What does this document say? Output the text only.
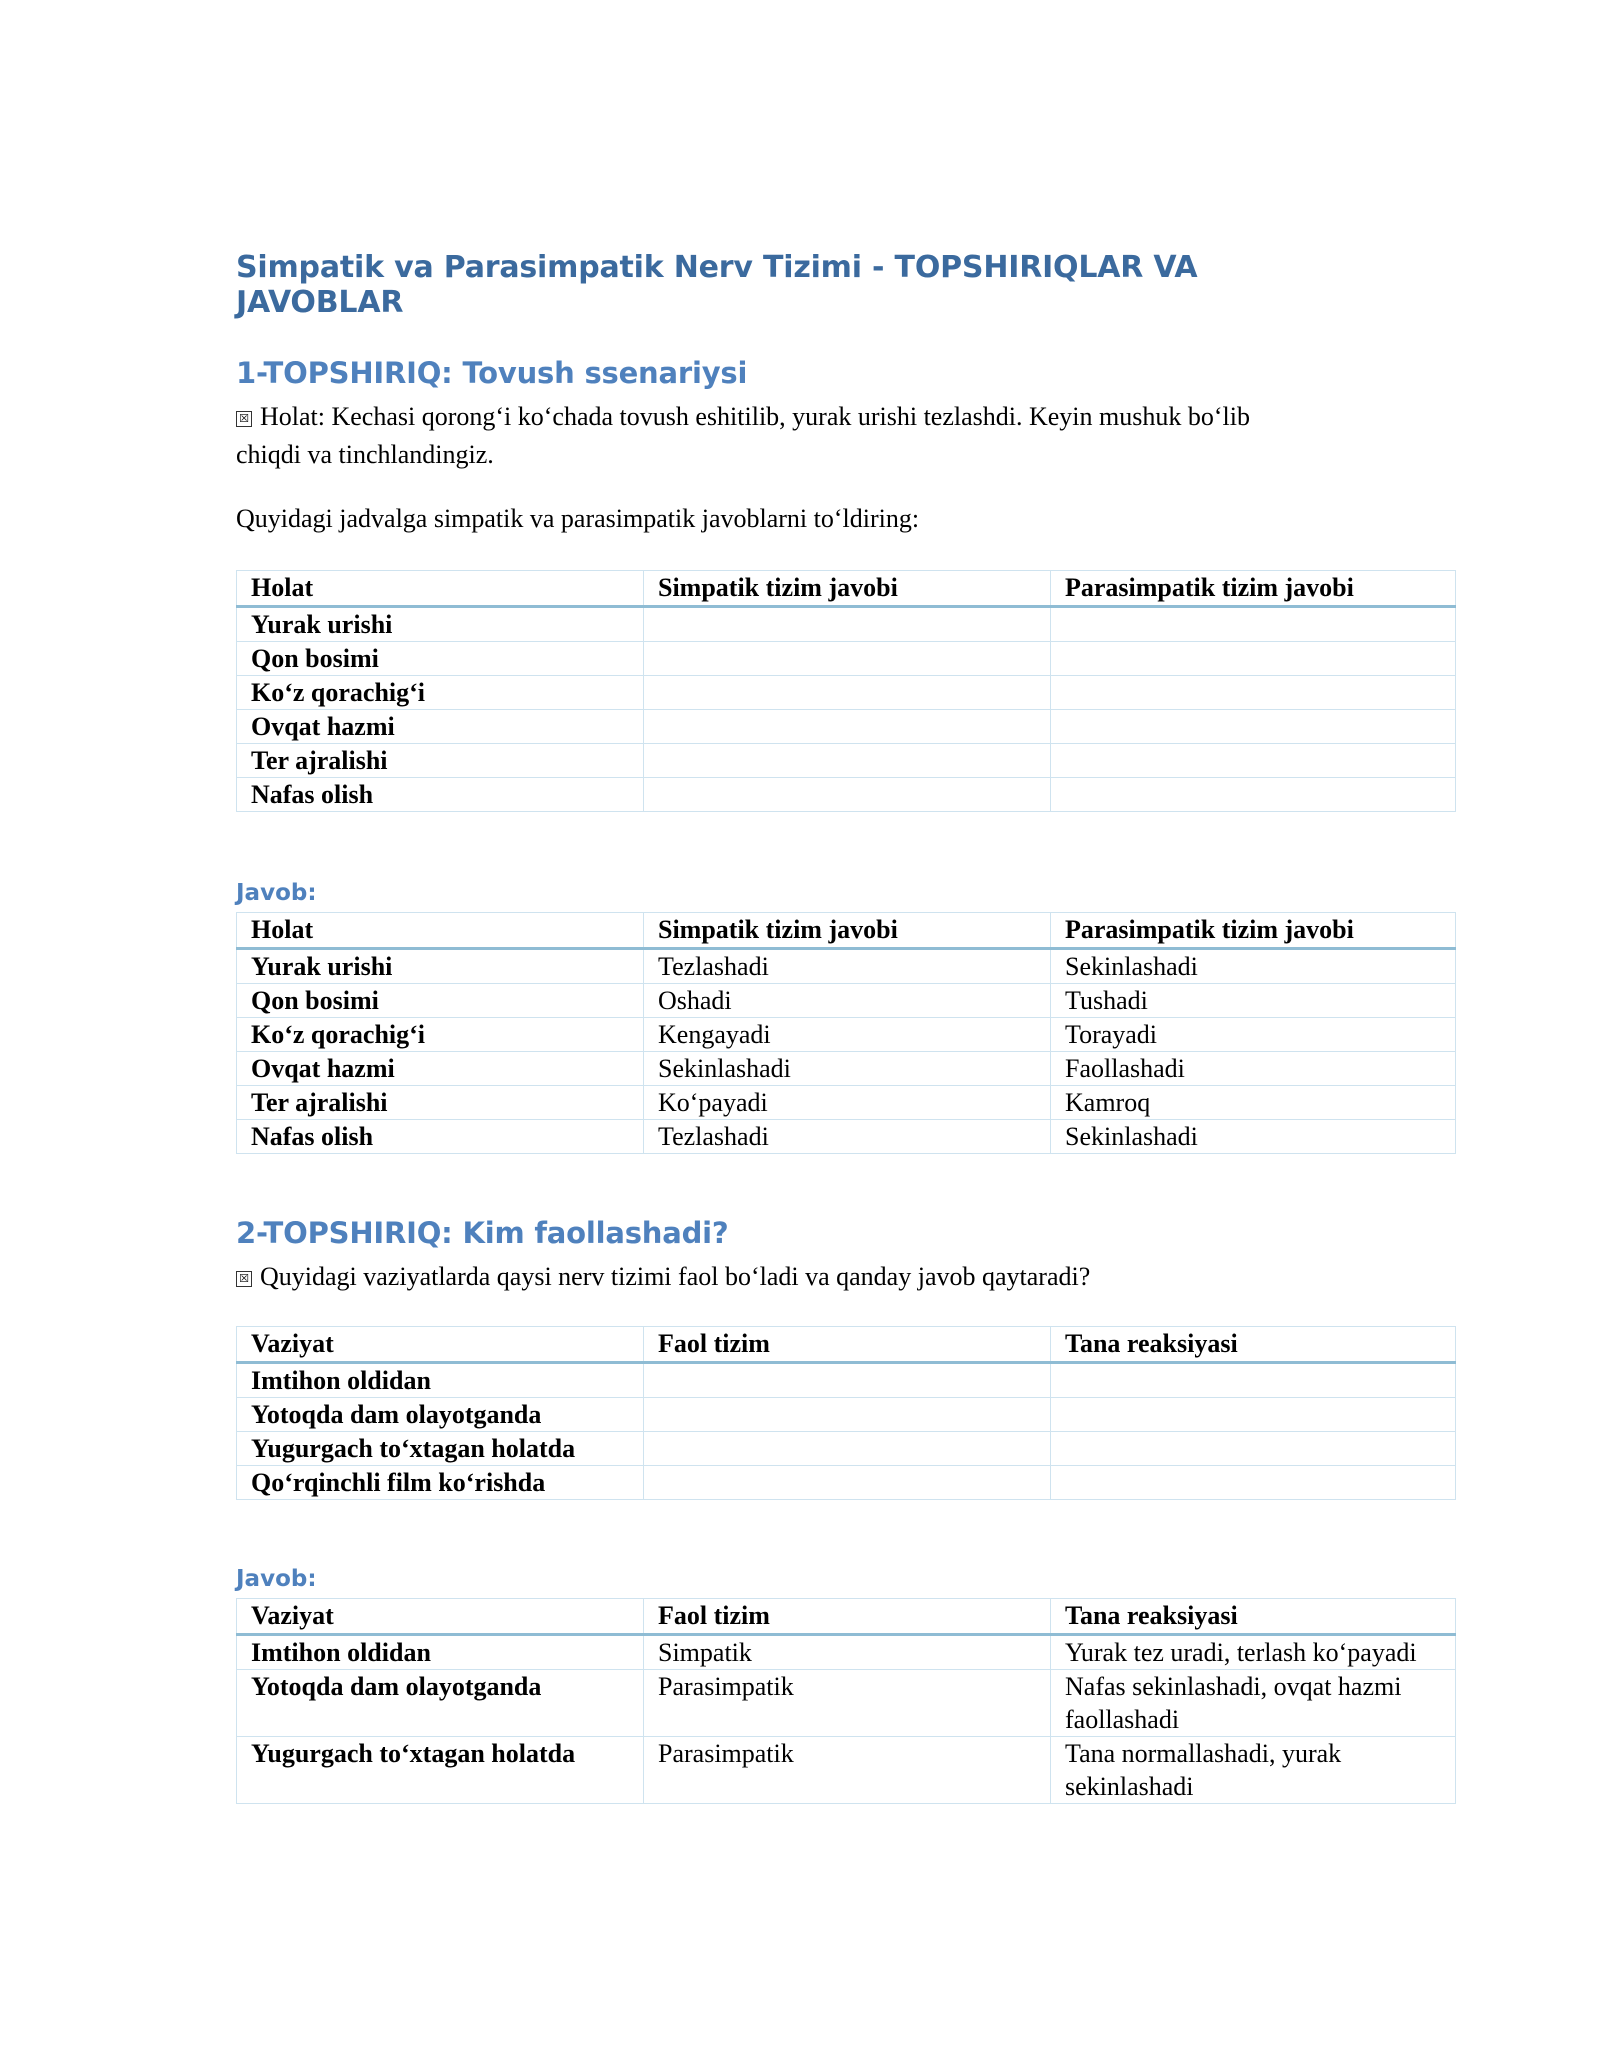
Simpatik va Parasimpatik Nerv Tizimi - TOPSHIRIQLAR VA JAVOBLAR
1-TOPSHIRIQ: Tovush ssenariysi

☒ Holat: Kechasi qorong‘i ko‘chada tovush eshitilib, yurak urishi tezlashdi. Keyin mushuk bo‘lib
chiqdi va tinchlandingiz.

Quyidagi jadvalga simpatik va parasimpatik javoblarni to‘ldiring:

Holat	Simpatik tizim javobi	Parasimpatik tizim javobi
Yurak urishi		
Qon bosimi		
Ko‘z qorachig‘i		
Ovqat hazmi		
Ter ajralishi		
Nafas olish		

Javob:

Holat	Simpatik tizim javobi	Parasimpatik tizim javobi
Yurak urishi	Tezlashadi	Sekinlashadi
Qon bosimi	Oshadi	Tushadi
Ko‘z qorachig‘i	Kengayadi	Torayadi
Ovqat hazmi	Sekinlashadi	Faollashadi
Ter ajralishi	Ko‘payadi	Kamroq
Nafas olish	Tezlashadi	Sekinlashadi
2-TOPSHIRIQ: Kim faollashadi?

☒ Quyidagi vaziyatlarda qaysi nerv tizimi faol bo‘ladi va qanday javob qaytaradi?

Vaziyat	Faol tizim	Tana reaksiyasi
Imtihon oldidan		
Yotoqda dam olayotganda		
Yugurgach to‘xtagan holatda		
Qo‘rqinchli film ko‘rishda		

Javob:

Vaziyat	Faol tizim	Tana reaksiyasi
Imtihon oldidan	Simpatik	Yurak tez uradi, terlash ko‘payadi
Yotoqda dam olayotganda	Parasimpatik	Nafas sekinlashadi, ovqat hazmi faollashadi
Yugurgach to‘xtagan holatda	Parasimpatik	Tana normallashadi, yurak sekinlashadi
